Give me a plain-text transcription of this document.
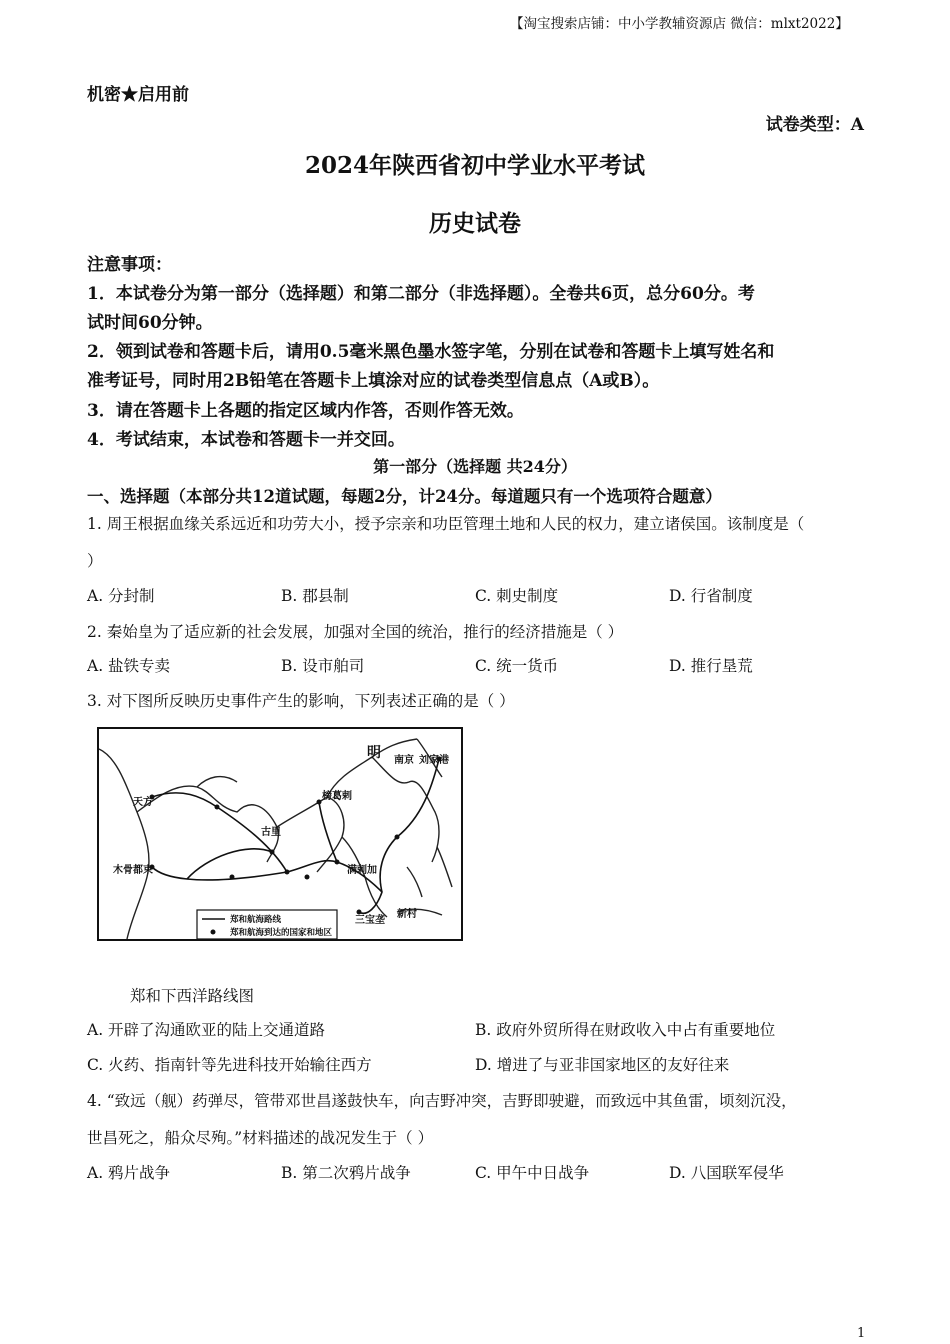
【淘宝搜索店铺：中小学教辅资源店 微信：mlxt2022】
机密★启用前
试卷类型：A
2024年陕西省初中学业水平考试
历史试卷
注意事项：
1．本试卷分为第一部分（选择题）和第二部分（非选择题）。全卷共6页，总分60分。考
试时间60分钟。
2．领到试卷和答题卡后，请用0.5毫米黑色墨水签字笔，分别在试卷和答题卡上填写姓名和
准考证号，同时用2B铅笔在答题卡上填涂对应的试卷类型信息点（A或B）。
3．请在答题卡上各题的指定区域内作答，否则作答无效。
4．考试结束，本试卷和答题卡一并交回。
第一部分（选择题 共24分）
一、选择题（本部分共12道试题，每题2分，计24分。每道题只有一个选项符合题意）
1. 周王根据血缘关系远近和功劳大小，授予宗亲和功臣管理土地和人民的权力，建立诸侯国。该制度是（
）
A. 分封制	B. 郡县制	C. 刺史制度	D. 行省制度
2. 秦始皇为了适应新的社会发展，加强对全国的统治，推行的经济措施是（ ）
A. 盐铁专卖	B. 设市舶司	C. 统一货币	D. 推行垦荒
3. 对下图所反映历史事件产生的影响，下列表述正确的是（ ）
明 南京 刘家港
天方
古里
榜葛剌
木骨都束	满剌加
三宝垄
新村
郑和航海路线
郑和航海到达的国家和地区
郑和下西洋路线图
A. 开辟了沟通欧亚的陆上交通道路	B. 政府外贸所得在财政收入中占有重要地位
C. 火药、指南针等先进科技开始输往西方	D. 增进了与亚非国家地区的友好往来
4. “致远（舰）药弹尽，管带邓世昌遂鼓快车，向吉野冲突，吉野即驶避，而致远中其鱼雷，顷刻沉没，
世昌死之，船众尽殉。”材料描述的战况发生于（ ）
A. 鸦片战争	B. 第二次鸦片战争	C. 甲午中日战争	D. 八国联军侵华
1
